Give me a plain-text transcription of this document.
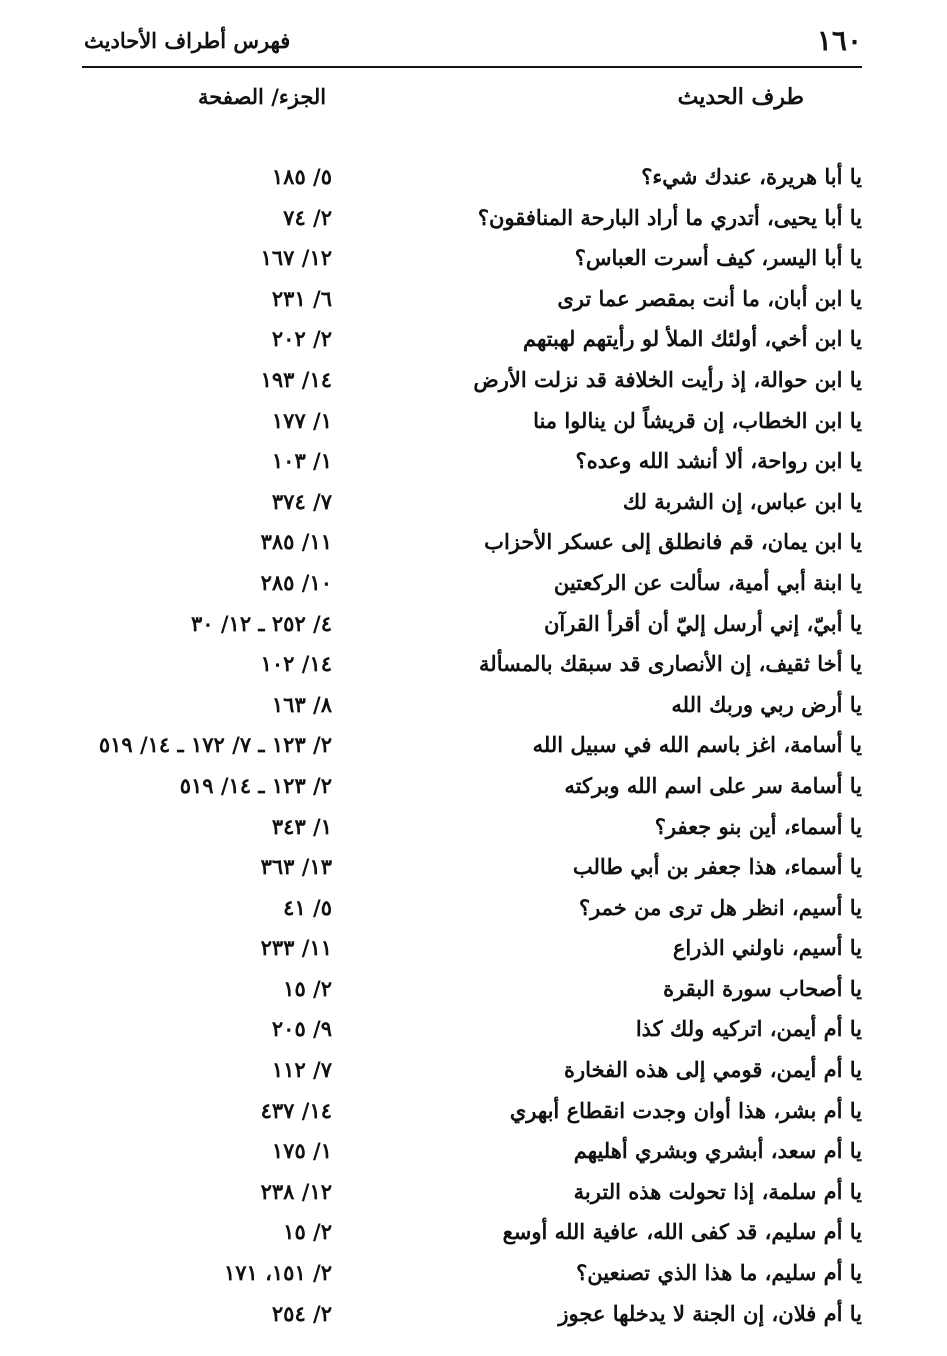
١٦٠
فهرس أطراف الأحاديث
طرف الحديث
الجزء/ الصفحة
يا أبا هريرة، عندك شيء؟
٥/ ١٨٥
يا أبا يحيى، أتدري ما أراد البارحة المنافقون؟
٢/ ٧٤
يا أبا اليسر، كيف أسرت العباس؟
١٢/ ١٦٧
يا ابن أبان، ما أنت بمقصر عما ترى
٦/ ٢٣١
يا ابن أخي، أولئك الملأ لو رأيتهم لهبتهم
٢/ ٢٠٢
يا ابن حوالة، إذ رأيت الخلافة قد نزلت الأرض
١٤/ ١٩٣
يا ابن الخطاب، إن قريشاً لن ينالوا منا
١/ ١٧٧
يا ابن رواحة، ألا أنشد الله وعده؟
١/ ١٠٣
يا ابن عباس، إن الشربة لك
٧/ ٣٧٤
يا ابن يمان، قم فانطلق إلى عسكر الأحزاب
١١/ ٣٨٥
يا ابنة أبي أمية، سألت عن الركعتين
١٠/ ٢٨٥
يا أبيّ، إني أرسل إليّ أن أقرأ القرآن
٤/ ٢٥٢ ـ ١٢/ ٣٠
يا أخا ثقيف، إن الأنصارى قد سبقك بالمسألة
١٤/ ١٠٢
يا أرض ربي وربك الله
٨/ ١٦٣
يا أسامة، اغز باسم الله في سبيل الله
٢/ ١٢٣ ـ ٧/ ١٧٢ ـ ١٤/ ٥١٩
يا أسامة سر على اسم الله وبركته
٢/ ١٢٣ ـ ١٤/ ٥١٩
يا أسماء، أين بنو جعفر؟
١/ ٣٤٣
يا أسماء، هذا جعفر بن أبي طالب
١٣/ ٣٦٣
يا أسيم، انظر هل ترى من خمر؟
٥/ ٤١
يا أسيم، ناولني الذراع
١١/ ٢٣٣
يا أصحاب سورة البقرة
٢/ ١٥
يا أم أيمن، اتركيه ولك كذا
٩/ ٢٠٥
يا أم أيمن، قومي إلى هذه الفخارة
٧/ ١١٢
يا أم بشر، هذا أوان وجدت انقطاع أبهري
١٤/ ٤٣٧
يا أم سعد، أبشري وبشري أهليهم
١/ ١٧٥
يا أم سلمة، إذا تحولت هذه التربة
١٢/ ٢٣٨
يا أم سليم، قد كفى الله، عافية الله أوسع
٢/ ١٥
يا أم سليم، ما هذا الذي تصنعين؟
٢/ ١٥١، ١٧١
يا أم فلان، إن الجنة لا يدخلها عجوز
٢/ ٢٥٤
